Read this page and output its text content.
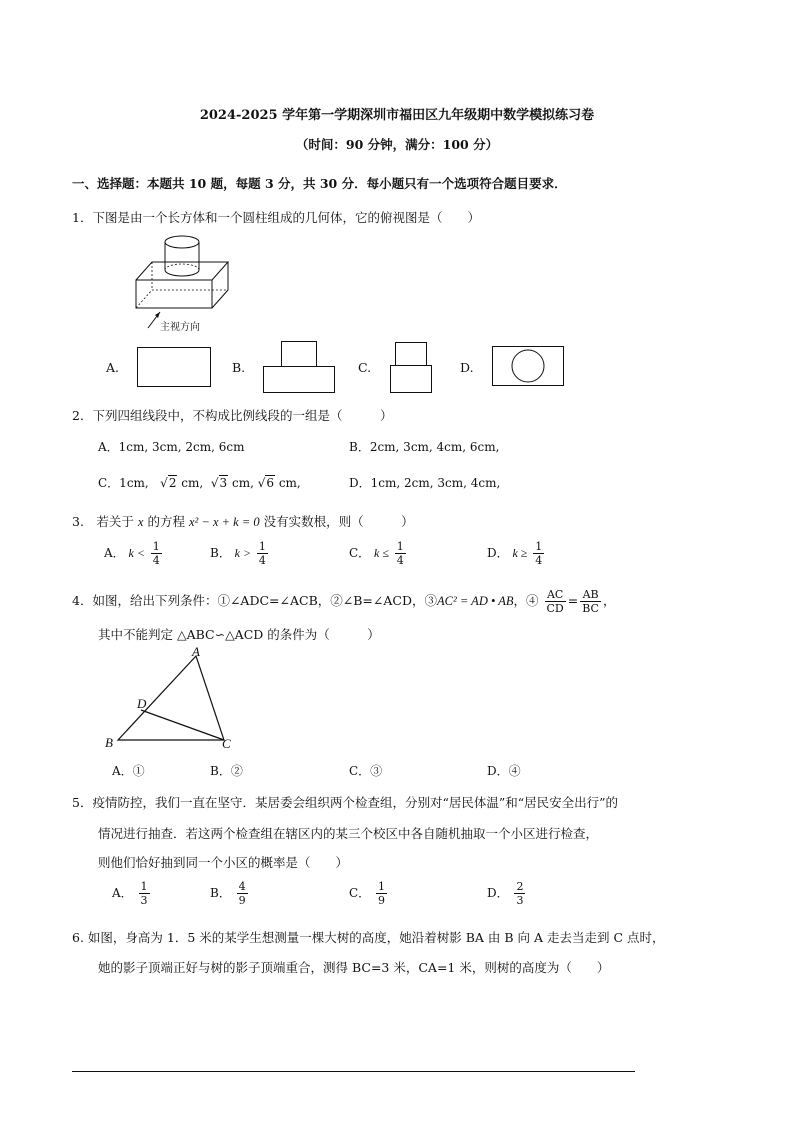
2024-2025 学年第一学期深圳市福田区九年级期中数学模拟练习卷
（时间：90 分钟，满分：100 分）
一、选择题：本题共 10 题，每题 3 分，共 30 分．每小题只有一个选项符合题目要求．
1．下图是由一个长方体和一个圆柱组成的几何体，它的俯视图是（　　）
主视方向
A.	B.	C.	D.
2．下列四组线段中，不构成比例线段的一组是（　　　）
A．1cm, 3cm, 2cm, 6cm	B．2cm, 3cm, 4cm, 6cm,
C．1cm,   √2 cm,  √3 cm, √6 cm,	D．1cm, 2cm, 3cm, 4cm,
3.　若关于 x 的方程 x² − x + k = 0 没有实数根，则（　　　）
A． $k < \frac{1}{4}$	B． $k > \frac{1}{4}$	C． $k \le \frac{1}{4}$	D． $k \ge \frac{1}{4}$
4．如图，给出下列条件：①∠ADC=∠ACB，②∠B=∠ACD，③AC² = AD • AB，④ $\frac{AC}{CD} = \frac{AB}{BC}$ ，
其中不能判定 △ABC∽△ACD 的条件为（　　　）
A
D
B	C
A．①	B．②	C．③	D．④
5．疫情防控，我们一直在坚守．某居委会组织两个检查组，分别对“居民体温”和“居民安全出行”的
情况进行抽查．若这两个检查组在辖区内的某三个校区中各自随机抽取一个小区进行检查，
则他们恰好抽到同一个小区的概率是（　　）
A． $\frac{1}{3}$	B． $\frac{4}{9}$	C． $\frac{1}{9}$	D． $\frac{2}{3}$
6. 如图，身高为 1．5 米的某学生想测量一棵大树的高度，她沿着树影 BA 由 B 向 A 走去当走到 C 点时，
她的影子顶端正好与树的影子顶端重合，测得 BC=3 米，CA=1 米，则树的高度为（　　）
